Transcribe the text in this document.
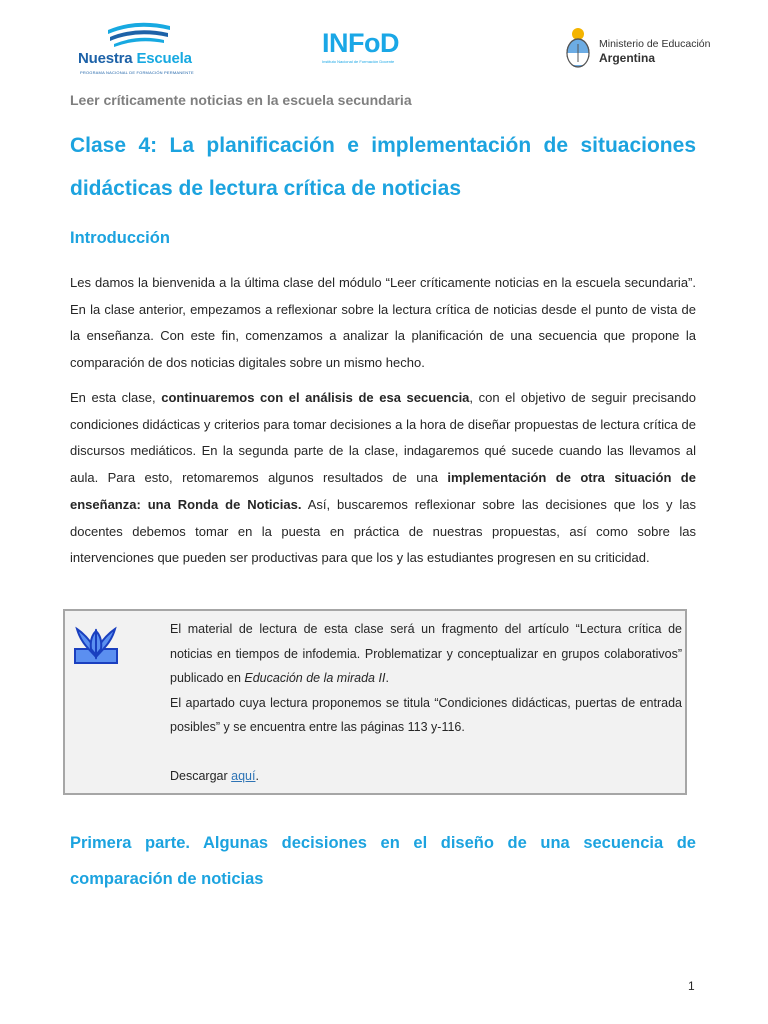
Nuestra Escuela
PROGRAMA NACIONAL DE FORMACIÓN PERMANENTE
INFoD
Instituto Nacional de Formación Docente
Ministerio de Educación
Argentina
Leer críticamente noticias en la escuela secundaria
Clase 4: La planificación e implementación de situaciones didácticas de lectura crítica de noticias
Introducción

Les damos la bienvenida a la última clase del módulo “Leer críticamente noticias en la escuela secundaria”. En la clase anterior, empezamos a reflexionar sobre la lectura crítica de noticias desde el punto de vista de la enseñanza. Con este fin, comenzamos a analizar la planificación de una secuencia que propone la comparación de dos noticias digitales sobre un mismo hecho.

En esta clase, continuaremos con el análisis de esa secuencia, con el objetivo de seguir precisando condiciones didácticas y criterios para tomar decisiones a la hora de diseñar propuestas de lectura crítica de discursos mediáticos. En la segunda parte de la clase, indagaremos qué sucede cuando las llevamos al aula. Para esto, retomaremos algunos resultados de una implementación de otra situación de enseñanza: una Ronda de Noticias. Así, buscaremos reflexionar sobre las decisiones que los y las docentes debemos tomar en la puesta en práctica de nuestras propuestas, así como sobre las intervenciones que pueden ser productivas para que los y las estudiantes progresen en su criticidad.

El material de lectura de esta clase será un fragmento del artículo “Lectura crítica de noticias en tiempos de infodemia. Problematizar y conceptualizar en grupos colaborativos” publicado en Educación de la mirada II.

El apartado cuya lectura proponemos se titula “Condiciones didácticas, puertas de entrada posibles” y se encuentra entre las páginas 113 y-116.

Descargar aquí.

Primera parte. Algunas decisiones en el diseño de una secuencia de comparación de noticias
1
